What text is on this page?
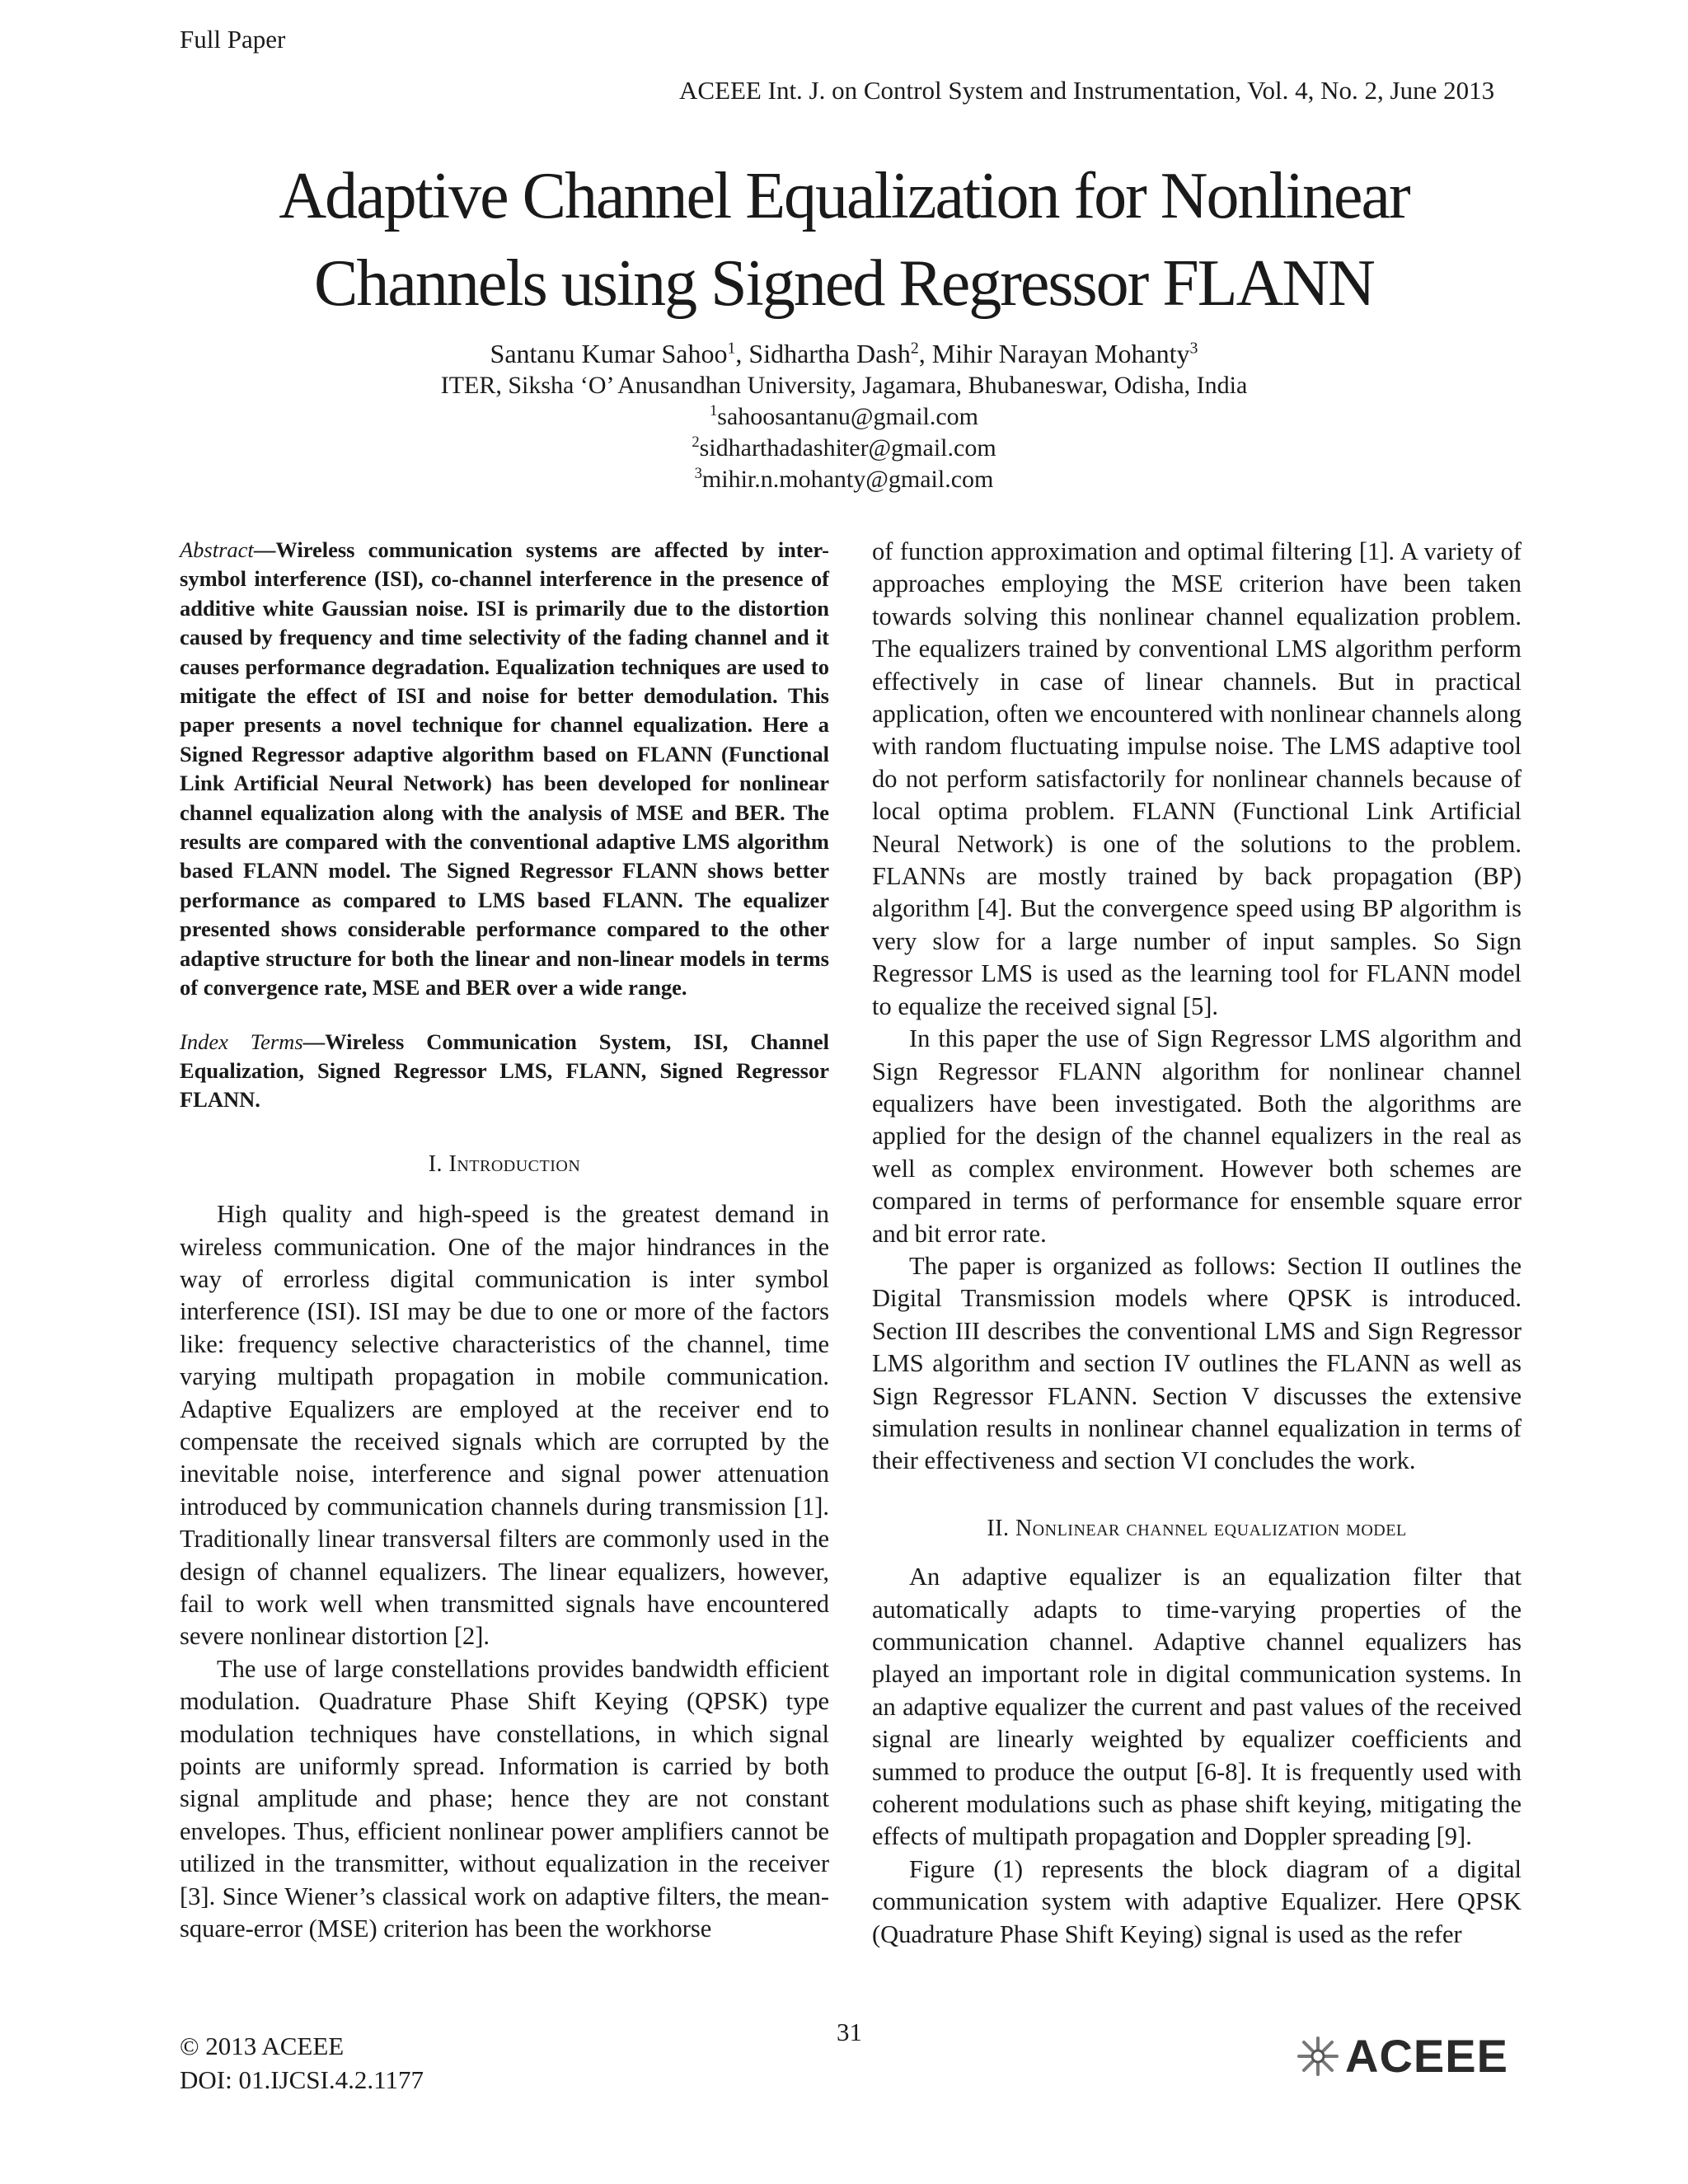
Full Paper
ACEEE Int. J. on Control System and Instrumentation, Vol. 4, No. 2, June 2013
Adaptive Channel Equalization for Nonlinear
Channels using Signed Regressor FLANN
Santanu Kumar Sahoo$^1$, Sidhartha Dash$^2$, Mihir Narayan Mohanty$^3$
ITER, Siksha ‘O’ Anusandhan University, Jagamara, Bhubaneswar, Odisha, India
$^1$sahoosantanu@gmail.com
$^2$sidharthadashiter@gmail.com
$^3$mihir.n.mohanty@gmail.com

Abstract—Wireless communication systems are affected by inter-symbol interference (ISI), co-channel interference in the presence of additive white Gaussian noise. ISI is primarily due to the distortion caused by frequency and time selectivity of the fading channel and it causes performance degradation. Equalization techniques are used to mitigate the effect of ISI and noise for better demodulation. This paper presents a novel technique for channel equalization. Here a Signed Regressor adaptive algorithm based on FLANN (Functional Link Artificial Neural Network) has been developed for nonlinear channel equalization along with the analysis of MSE and BER. The results are compared with the conventional adaptive LMS algorithm based FLANN model. The Signed Regressor FLANN shows better performance as compared to LMS based FLANN. The equalizer presented shows considerable performance compared to the other adaptive structure for both the linear and non-linear models in terms of convergence rate, MSE and BER over a wide range.

Index Terms—Wireless Communication System, ISI, Channel Equalization, Signed Regressor LMS, FLANN, Signed Regressor FLANN.

I. Introduction

High quality and high-speed is the greatest demand in wireless communication. One of the major hindrances in the way of errorless digital communication is inter symbol interference (ISI). ISI may be due to one or more of the factors like: frequency selective characteristics of the channel, time varying multipath propagation in mobile communication. Adaptive Equalizers are employed at the receiver end to compensate the received signals which are corrupted by the inevitable noise, interference and signal power attenuation introduced by communication channels during transmission [1]. Traditionally linear transversal filters are commonly used in the design of channel equalizers. The linear equalizers, however, fail to work well when transmitted signals have encountered severe nonlinear distortion [2].

The use of large constellations provides bandwidth efficient modulation. Quadrature Phase Shift Keying (QPSK) type modulation techniques have constellations, in which signal points are uniformly spread. Information is carried by both signal amplitude and phase; hence they are not constant envelopes. Thus, efficient nonlinear power amplifiers cannot be utilized in the transmitter, without equalization in the receiver [3]. Since Wiener’s classical work on adaptive filters, the mean-square-error (MSE) criterion has been the workhorse

of function approximation and optimal filtering [1]. A variety of approaches employing the MSE criterion have been taken towards solving this nonlinear channel equalization problem. The equalizers trained by conventional LMS algorithm perform effectively in case of linear channels. But in practical application, often we encountered with nonlinear channels along with random fluctuating impulse noise. The LMS adaptive tool do not perform satisfactorily for nonlinear channels because of local optima problem. FLANN (Functional Link Artificial Neural Network) is one of the solutions to the problem. FLANNs are mostly trained by back propagation (BP) algorithm [4]. But the convergence speed using BP algorithm is very slow for a large number of input samples. So Sign Regressor LMS is used as the learning tool for FLANN model to equalize the received signal [5].

In this paper the use of Sign Regressor LMS algorithm and Sign Regressor FLANN algorithm for nonlinear channel equalizers have been investigated. Both the algorithms are applied for the design of the channel equalizers in the real as well as complex environment. However both schemes are compared in terms of performance for ensemble square error and bit error rate.

The paper is organized as follows: Section II outlines the Digital Transmission models where QPSK is introduced. Section III describes the conventional LMS and Sign Regressor LMS algorithm and section IV outlines the FLANN as well as Sign Regressor FLANN. Section V discusses the extensive simulation results in nonlinear channel equalization in terms of their effectiveness and section VI concludes the work.

II. Nonlinear channel equalization model

An adaptive equalizer is an equalization filter that automatically adapts to time-varying properties of the communication channel. Adaptive channel equalizers has played an important role in digital communication systems. In an adaptive equalizer the current and past values of the received signal are linearly weighted by equalizer coefficients and summed to produce the output [6-8]. It is frequently used with coherent modulations such as phase shift keying, mitigating the effects of multipath propagation and Doppler spreading [9].

Figure (1) represents the block diagram of a digital communication system with adaptive Equalizer. Here QPSK (Quadrature Phase Shift Keying) signal is used as the refer

© 2013 ACEEE
DOI: 01.IJCSI.4.2.1177
31	ACEEE
